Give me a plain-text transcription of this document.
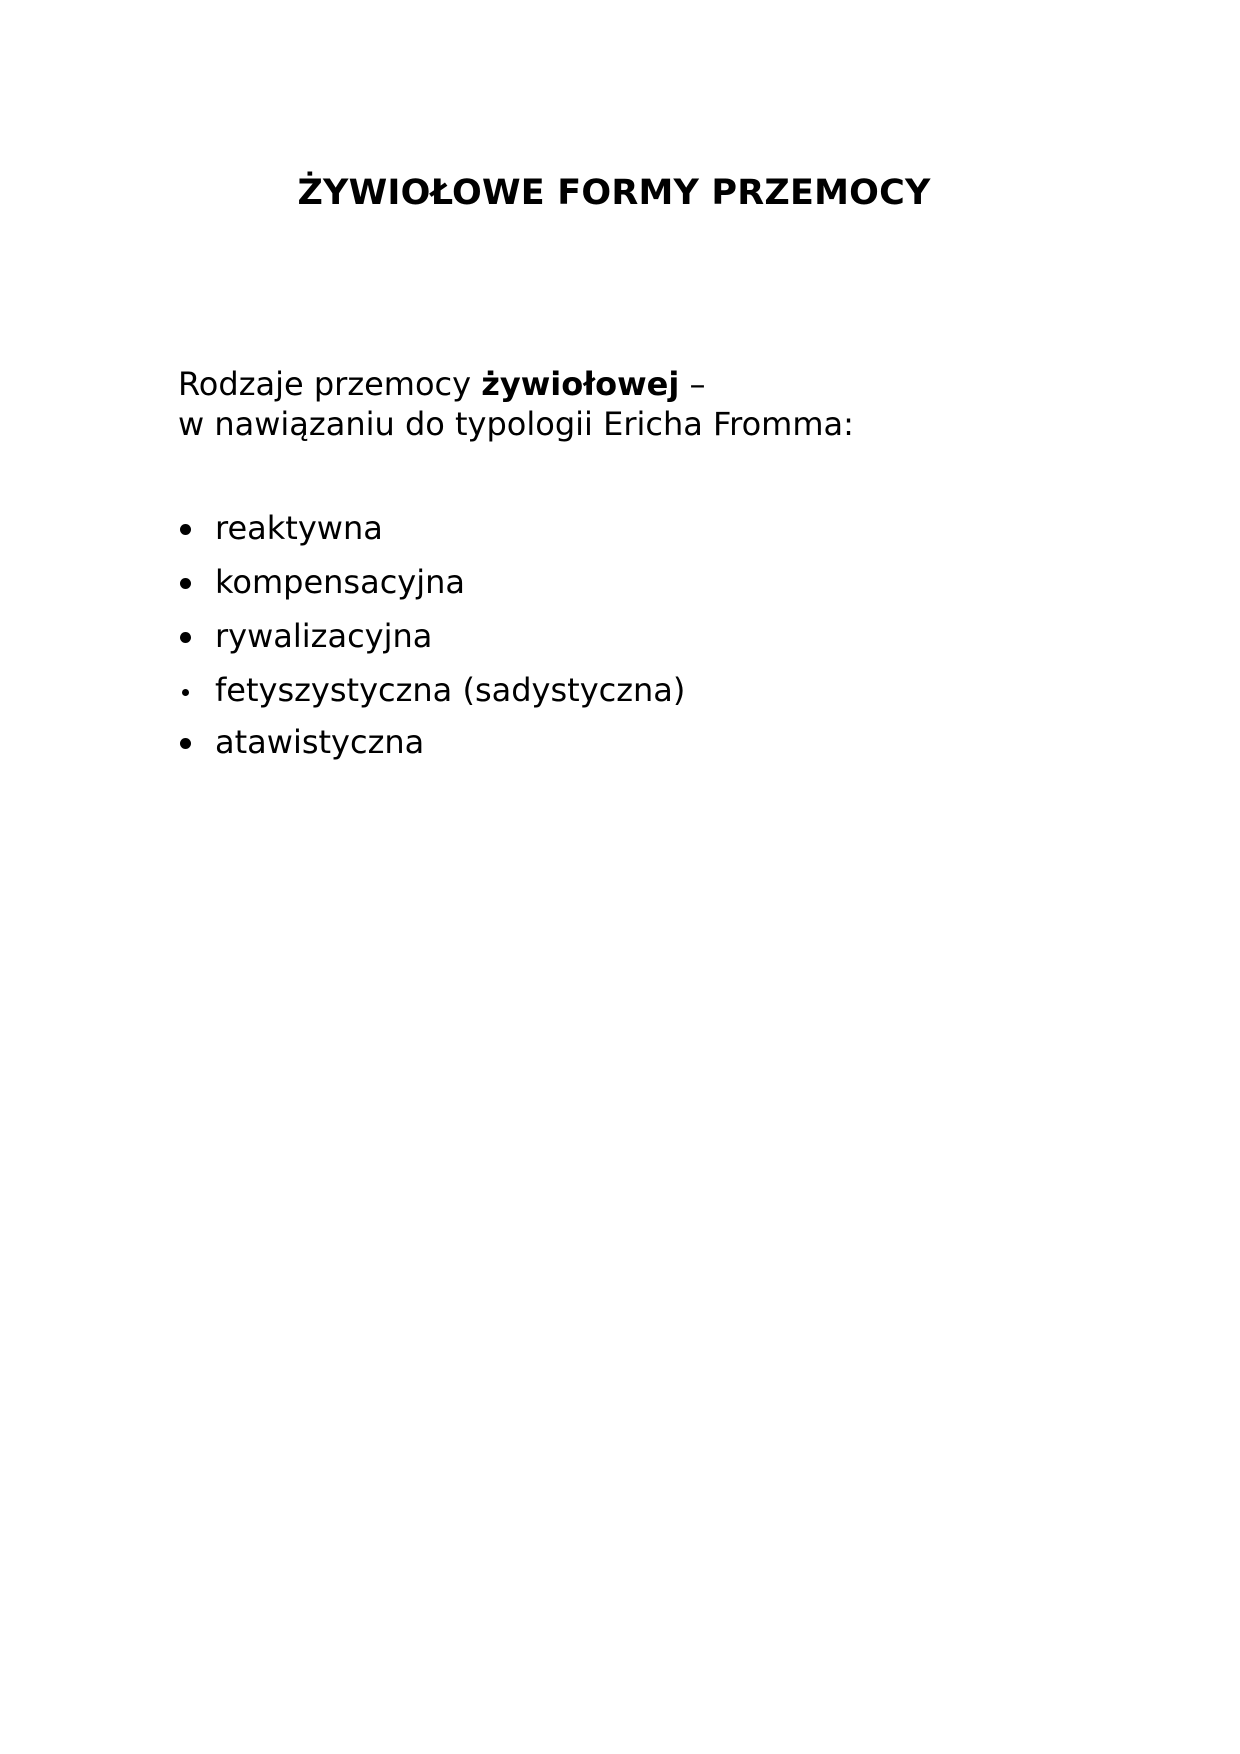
ŻYWIOŁOWE FORMY PRZEMOCY

Rodzaje przemocy żywiołowej –
w nawiązaniu do typologii Ericha Fromma:

reaktywna
kompensacyjna
rywalizacyjna
fetyszystyczna (sadystyczna)
atawistyczna
